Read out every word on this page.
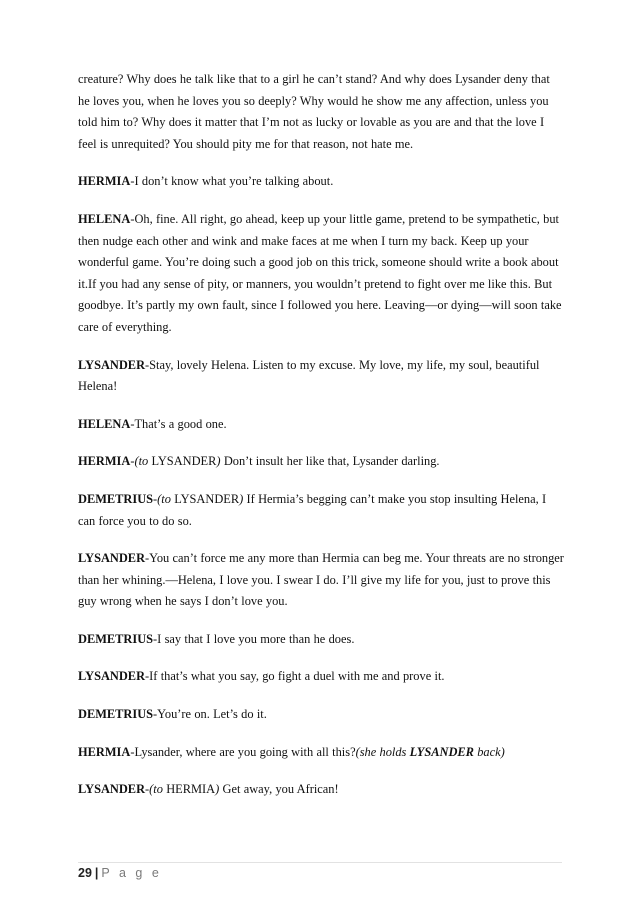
creature? Why does he talk like that to a girl he can’t stand? And why does Lysander deny that he loves you, when he loves you so deeply? Why would he show me any affection, unless you told him to? Why does it matter that I’m not as lucky or lovable as you are and that the love I feel is unrequited? You should pity me for that reason, not hate me.

HERMIA-I don’t know what you’re talking about.

HELENA-Oh, fine. All right, go ahead, keep up your little game, pretend to be sympathetic, but then nudge each other and wink and make faces at me when I turn my back. Keep up your wonderful game. You’re doing such a good job on this trick, someone should write a book about it.If you had any sense of pity, or manners, you wouldn’t pretend to fight over me like this. But goodbye. It’s partly my own fault, since I followed you here. Leaving—or dying—will soon take care of everything.

LYSANDER-Stay, lovely Helena. Listen to my excuse. My love, my life, my soul, beautiful Helena!

HELENA-That’s a good one.

HERMIA-(to LYSANDER) Don’t insult her like that, Lysander darling.

DEMETRIUS-(to LYSANDER) If Hermia’s begging can’t make you stop insulting Helena, I can force you to do so.

LYSANDER-You can’t force me any more than Hermia can beg me. Your threats are no stronger than her whining.—Helena, I love you. I swear I do. I’ll give my life for you, just to prove this guy wrong when he says I don’t love you.

DEMETRIUS-I say that I love you more than he does.

LYSANDER-If that’s what you say, go fight a duel with me and prove it.

DEMETRIUS-You’re on. Let’s do it.

HERMIA-Lysander, where are you going with all this?(she holds LYSANDER back)

LYSANDER-(to HERMIA) Get away, you African!

29 | P a g e
